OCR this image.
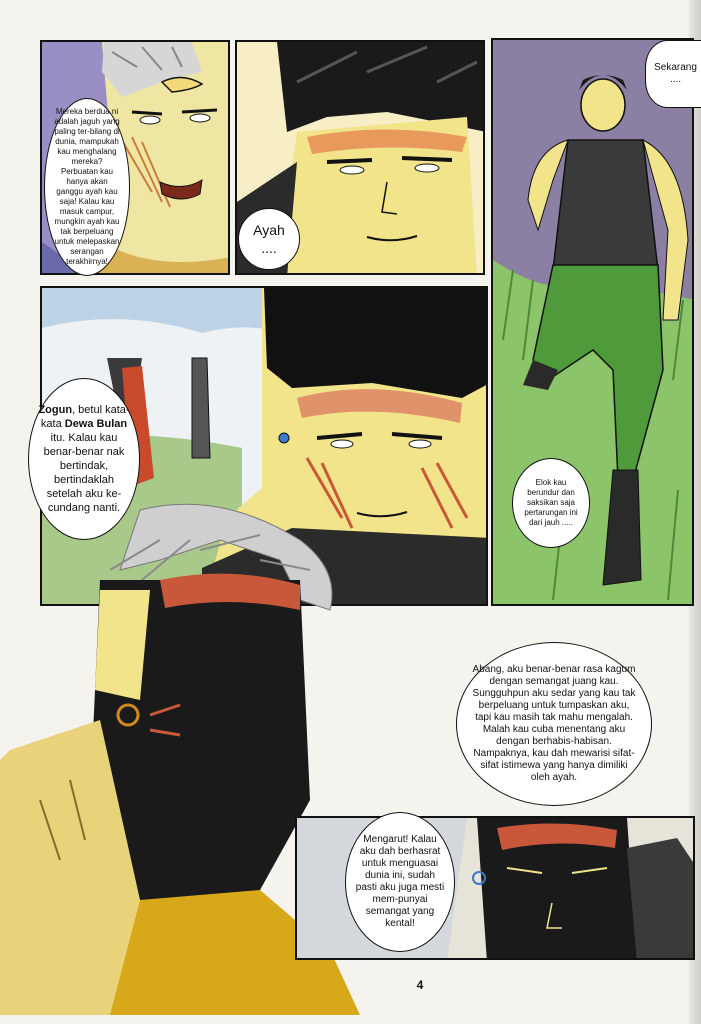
Mereka berdua ni adalah jaguh yang paling ter-bilang di dunia, mampukah kau menghalang mereka? Perbuatan kau hanya akan ganggu ayah kau saja! Kalau kau masuk campur, mungkin ayah kau tak berpeluang untuk melepaskan serangan terakhirnya!
Ayah ....
Sekarang ....
Elok kau berundur dan saksikan saja pertarungan ini dari jauh .....
Zogun, betul kata-kata Dewa Bulan itu. Kalau kau benar-benar nak bertindak, bertindaklah setelah aku ke-cundang nanti.
Abang, aku benar-benar rasa kagum dengan semangat juang kau. Sungguhpun aku sedar yang kau tak berpeluang untuk tumpaskan aku, tapi kau masih tak mahu mengalah. Malah kau cuba menentang aku dengan berhabis-habisan. Nampaknya, kau dah mewarisi sifat-sifat istimewa yang hanya dimiliki oleh ayah.
Mengarut! Kalau aku dah berhasrat untuk menguasai dunia ini, sudah pasti aku juga mesti mem-punyai semangat yang kental!
4
